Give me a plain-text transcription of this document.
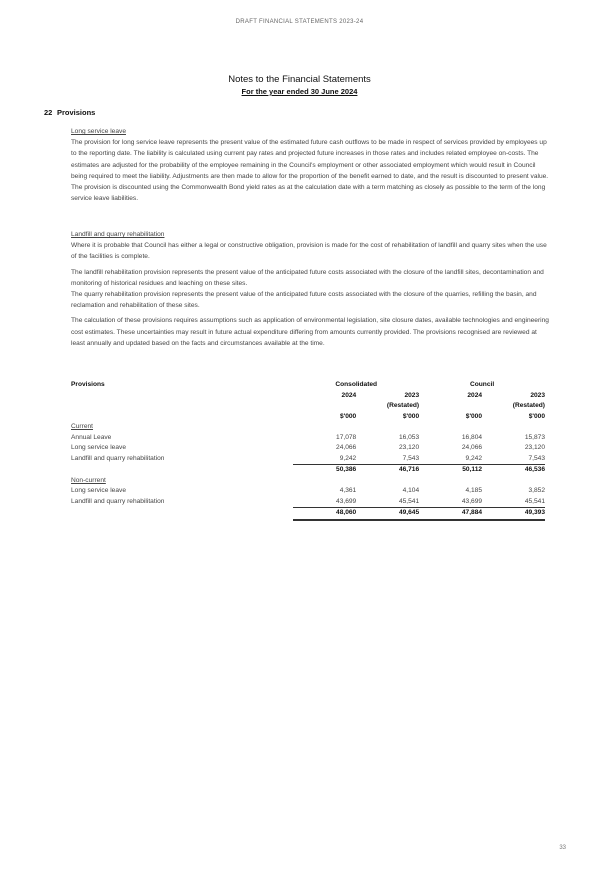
DRAFT FINANCIAL STATEMENTS 2023-24
Notes to the Financial Statements
For the year ended 30 June 2024
22 Provisions
Long service leave

The provision for long service leave represents the present value of the estimated future cash outflows to be made in respect of services provided by employees up to the reporting date. The liability is calculated using current pay rates and projected future increases in those rates and includes related employee on-costs. The estimates are adjusted for the probability of the employee remaining in the Council's employment or other associated employment which would result in Council being required to meet the liability. Adjustments are then made to allow for the proportion of the benefit earned to date, and the result is discounted to present value. The provision is discounted using the Commonwealth Bond yield rates as at the calculation date with a term matching as closely as possible to the term of the long service leave liabilities.

Landfill and quarry rehabilitation

Where it is probable that Council has either a legal or constructive obligation, provision is made for the cost of rehabilitation of landfill and quarry sites when the use of the facilities is complete.

The landfill rehabilitation provision represents the present value of the anticipated future costs associated with the closure of the landfill sites, decontamination and monitoring of historical residues and leaching on these sites.

The quarry rehabilitation provision represents the present value of the anticipated future costs associated with the closure of the quarries, refilling the basin, and reclamation and rehabilitation of these sites.

The calculation of these provisions requires assumptions such as application of environmental legislation, site closure dates, available technologies and engineering cost estimates. These uncertainties may result in future actual expenditure differing from amounts currently provided. The provisions recognised are reviewed at least annually and updated based on the facts and circumstances available at the time.

Provisions	Consolidated		Council	
	2024	2023	2024	2023
		(Restated)		(Restated)
	$'000	$'000	$'000	$'000
Current				
Annual Leave	17,078	16,053	16,804	15,873
Long service leave	24,066	23,120	24,066	23,120
Landfill and quarry rehabilitation	9,242	7,543	9,242	7,543
	50,386	46,716	50,112	46,536
Non-current				
Long service leave	4,361	4,104	4,185	3,852
Landfill and quarry rehabilitation	43,699	45,541	43,699	45,541
	48,060	49,645	47,884	49,393
33
